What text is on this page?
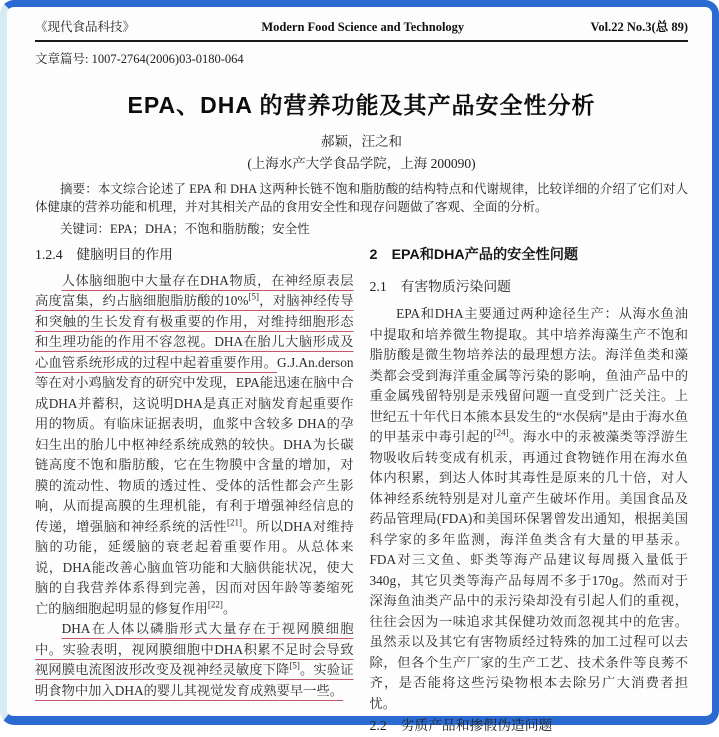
《现代食品科技》	Modern Food Science and Technology	Vol.22 No.3(总 89)

文章篇号: 1007-2764(2006)03-0180-064

EPA、DHA 的营养功能及其产品安全性分析

郝颖，汪之和

(上海水产大学食品学院，上海 200090)

摘要：本文综合论述了 EPA 和 DHA 这两种长链不饱和脂肪酸的结构特点和代谢规律，比较详细的介绍了它们对人体健康的营养功能和机理，并对其相关产品的食用安全性和现存问题做了客观、全面的分析。

关键词：EPA；DHA；不饱和脂肪酸；安全性

1.2.4　健脑明目的作用

人体脑细胞中大量存在DHA物质，在神经原表层高度富集，约占脑细胞脂肪酸的10%[5]，对脑神经传导和突触的生长发育有极重要的作用，对维持细胞形态和生理功能的作用不容忽视。DHA在胎儿大脑形成及心血管系统形成的过程中起着重要作用。G.J.An.derson等在对小鸡脑发育的研究中发现，EPA能迅速在脑中合成DHA并蓄积，这说明DHA是真正对脑发育起重要作用的物质。有临床证据表明，血浆中含较多 DHA的孕妇生出的胎儿中枢神经系统成熟的较快。DHA为长碳链高度不饱和脂肪酸，它在生物膜中含量的增加，对膜的流动性、物质的透过性、受体的活性都会产生影响，从而提高膜的生理机能，有利于增强神经信息的传递，增强脑和神经系统的活性[21]。所以DHA对维持脑的功能，延缓脑的衰老起着重要作用。从总体来说，DHA能改善心脑血管功能和大脑供能状况，使大脑的自我营养体系得到完善，因而对因年龄等萎缩死亡的脑细胞起明显的修复作用[22]。

DHA在人体以磷脂形式大量存在于视网膜细胞中。实验表明，视网膜细胞中DHA积累不足时会导致视网膜电流图波形改变及视神经灵敏度下降[5]。实验证明食物中加入DHA的婴儿其视觉发育成熟要早一些。

2　EPA和DHA产品的安全性问题
2.1　有害物质污染问题

EPA和DHA主要通过两种途径生产：从海水鱼油中提取和培养微生物提取。其中培养海藻生产不饱和脂肪酸是微生物培养法的最理想方法。海洋鱼类和藻类都会受到海洋重金属等污染的影响，鱼油产品中的重金属残留特别是汞残留问题一直受到广泛关注。上世纪五十年代日本熊本县发生的“水俣病”是由于海水鱼的甲基汞中毒引起的[24]。海水中的汞被藻类等浮游生物吸收后转变成有机汞，再通过食物链作用在海水鱼体内积累，到达人体时其毒性是原来的几十倍，对人体神经系统特别是对儿童产生破坏作用。美国食品及药品管理局(FDA)和美国环保署曾发出通知，根据美国科学家的多年监测，海洋鱼类含有大量的甲基汞。FDA对三文鱼、虾类等海产品建议每周摄入量低于340g，其它贝类等海产品每周不多于170g。然而对于深海鱼油类产品中的汞污染却没有引起人们的重视，往往会因为一味追求其保健功效而忽视其中的危害。虽然汞以及其它有害物质经过特殊的加工过程可以去除，但各个生产厂家的生产工艺、技术条件等良莠不齐，是否能将这些污染物根本去除另广大消费者担忧。

2.2　劣质产品和掺假伪造问题
